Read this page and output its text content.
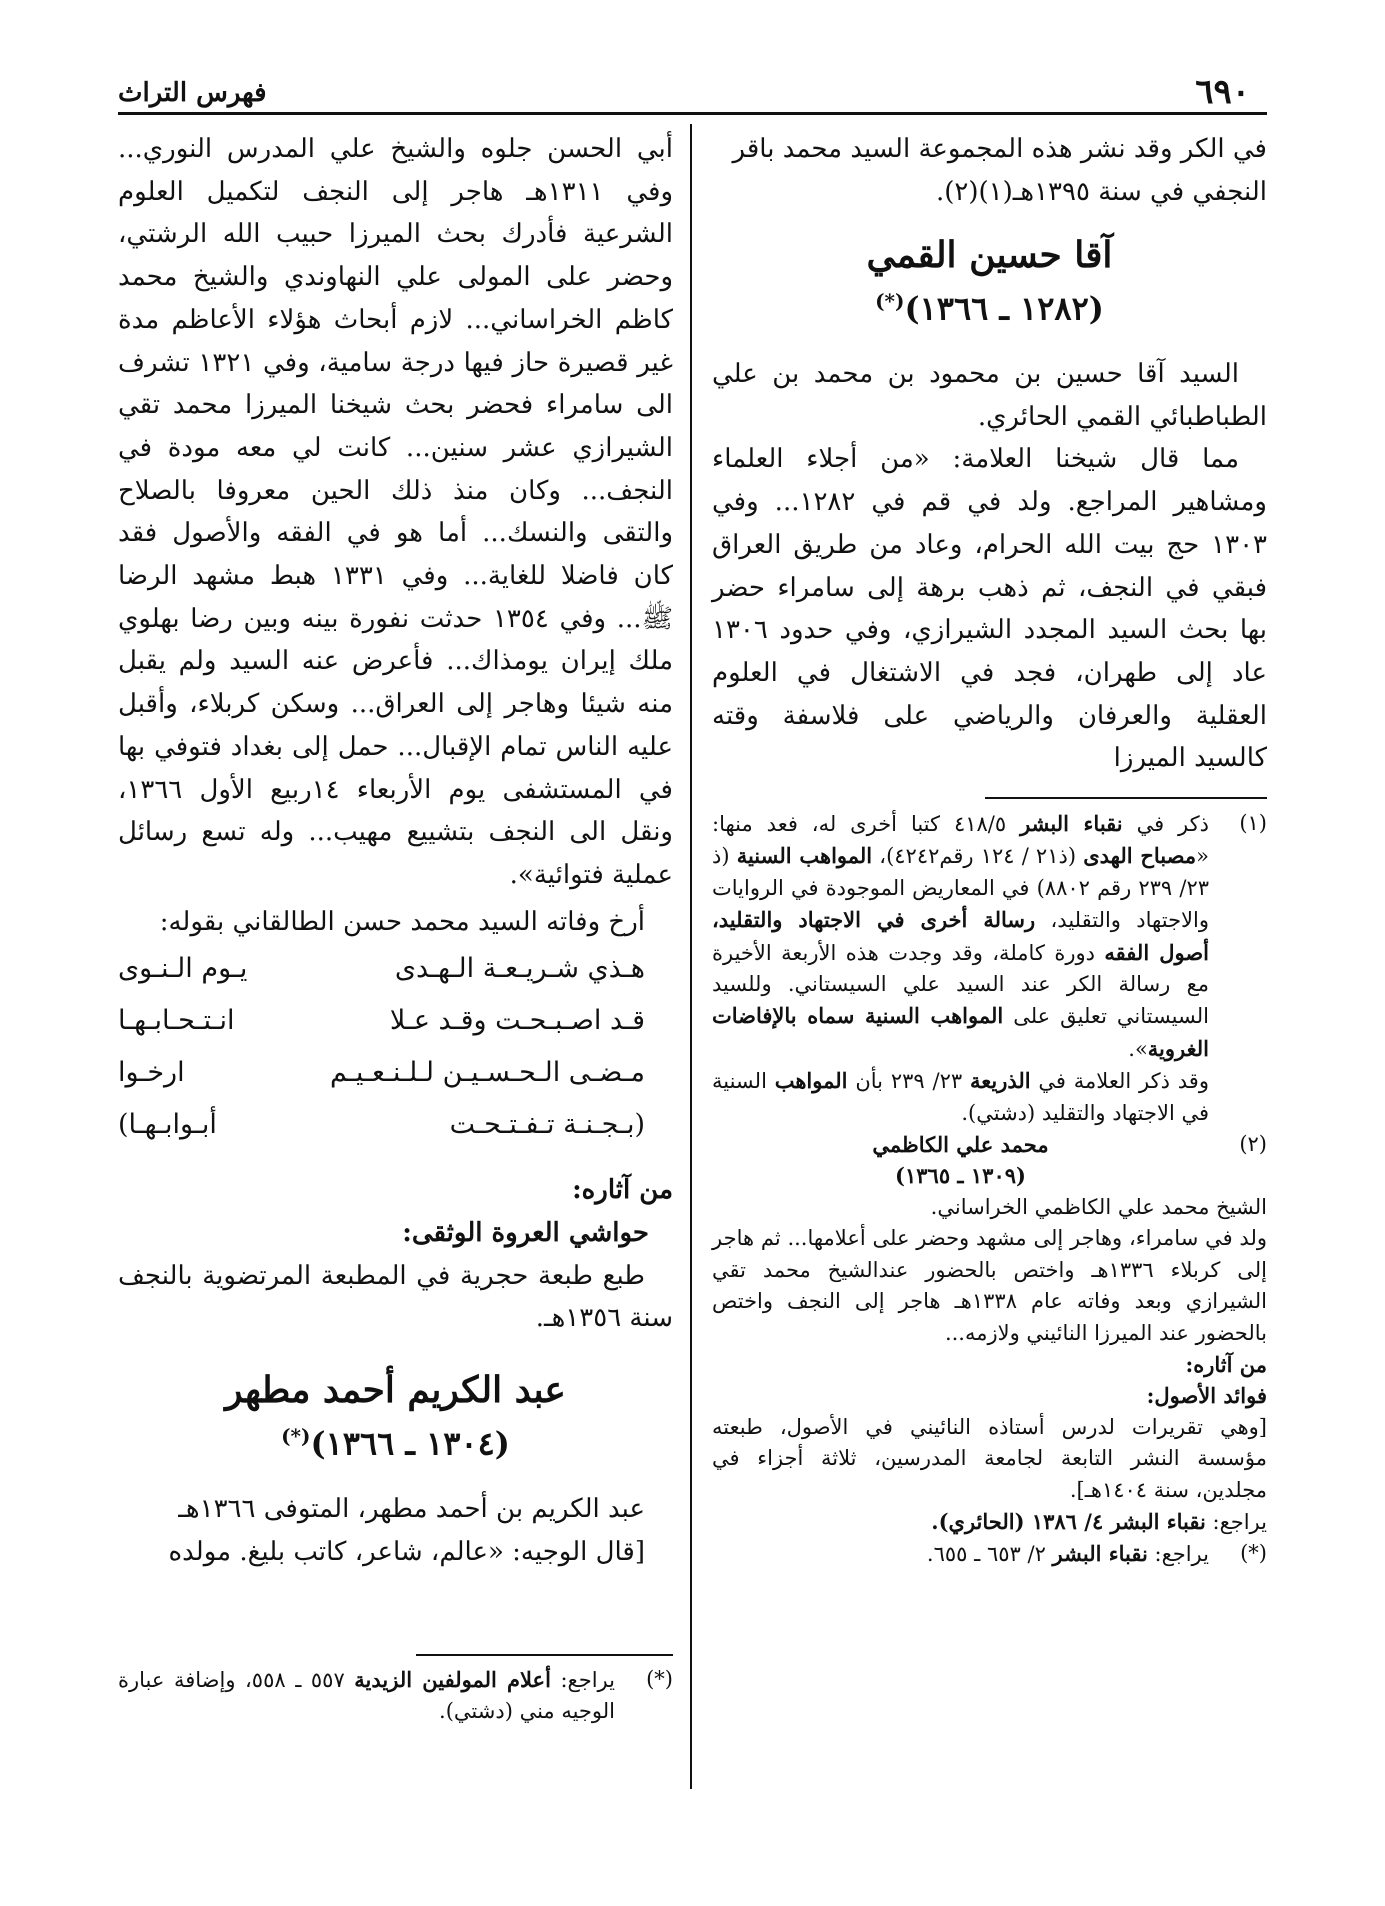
٦٩٠
فهرس التراث

في الكر وقد نشر هذه المجموعة السيد محمد باقر

النجفي في سنة ١٣٩٥هـ(١)(٢).

آقا حسين القمي
(١٢٨٢ ـ ١٣٦٦)(*)

السيد آقا حسين بن محمود بن محمد بن علي الطباطبائي القمي الحائري.

مما قال شيخنا العلامة: «من أجلاء العلماء ومشاهير المراجع. ولد في قم في ١٢٨٢... وفي ١٣٠٣ حج بيت الله الحرام، وعاد من طريق العراق فبقي في النجف، ثم ذهب برهة إلى سامراء حضر بها بحث السيد المجدد الشيرازي، وفي حدود ١٣٠٦ عاد إلى طهران، فجد في الاشتغال في العلوم العقلية والعرفان والرياضي على فلاسفة وقته كالسيد الميرزا

(١)
ذكر في نقباء البشر ٤١٨/٥ كتبا أخرى له، فعد منها: «مصباح الهدى (ذ٢١ / ١٢٤ رقم٤٢٤٢)، المواهب السنية (ذ ٢٣/ ٢٣٩ رقم ٨٨٠٢) في المعاريض الموجودة في الروايات والاجتهاد والتقليد، رسالة أخرى في الاجتهاد والتقليد، أصول الفقه دورة كاملة، وقد وجدت هذه الأربعة الأخيرة مع رسالة الكر عند السيد علي السيستاني. وللسيد السيستاني تعليق على المواهب السنية سماه بالإفاضات الغروية».
وقد ذكر العلامة في الذريعة ٢٣/ ٢٣٩ بأن المواهب السنية في الاجتهاد والتقليد (دشتي).
(٢)
محمد علي الكاظمي
(١٣٠٩ ـ ١٣٦٥)
الشيخ محمد علي الكاظمي الخراساني.
ولد في سامراء، وهاجر إلى مشهد وحضر على أعلامها... ثم هاجر إلى كربلاء ١٣٣٦هـ واختص بالحضور عندالشيخ محمد تقي الشيرازي وبعد وفاته عام ١٣٣٨هـ هاجر إلى النجف واختص بالحضور عند الميرزا النائيني ولازمه...
من آثاره:
فوائد الأصول:
[وهي تقريرات لدرس أستاذه النائيني في الأصول، طبعته مؤسسة النشر التابعة لجامعة المدرسين، ثلاثة أجزاء في مجلدين، سنة ١٤٠٤هـ].
يراجع: نقباء البشر ٤/ ١٣٨٦ (الحائري).
(*)
يراجع: نقباء البشر ٢/ ٦٥٣ ـ ٦٥٥.

أبي الحسن جلوه والشيخ علي المدرس النوري... وفي ١٣١١هـ هاجر إلى النجف لتكميل العلوم الشرعية فأدرك بحث الميرزا حبيب الله الرشتي، وحضر على المولى علي النهاوندي والشيخ محمد كاظم الخراساني... لازم أبحاث هؤلاء الأعاظم مدة غير قصيرة حاز فيها درجة سامية، وفي ١٣٢١ تشرف الى سامراء فحضر بحث شيخنا الميرزا محمد تقي الشيرازي عشر سنين... كانت لي معه مودة في النجف... وكان منذ ذلك الحين معروفا بالصلاح والتقى والنسك... أما هو في الفقه والأصول فقد كان فاضلا للغاية... وفي ١٣٣١ هبط مشهد الرضا ﷺ... وفي ١٣٥٤ حدثت نفورة بينه وبين رضا بهلوي ملك إيران يومذاك... فأعرض عنه السيد ولم يقبل منه شيئا وهاجر إلى العراق... وسكن كربلاء، وأقبل عليه الناس تمام الإقبال... حمل إلى بغداد فتوفي بها في المستشفى يوم الأربعاء ١٤ربيع الأول ١٣٦٦، ونقل الى النجف بتشييع مهيب... وله تسع رسائل عملية فتوائية».

أرخ وفاته السيد محمد حسن الطالقاني بقوله:

هـذي شـريـعـة الـهـدى
يـوم الـنـوى
قـد اصـبـحـت وقـد عـلا
انـتـحـابـهـا
مـضـى الـحـسـيـن لـلـنـعـيـم
ارخـوا
(بـجـنـة تـفـتـحـت
أبـوابـهـا)

من آثاره:

حواشي العروة الوثقى:

طبع طبعة حجرية في المطبعة المرتضوية بالنجف سنة ١٣٥٦هـ.

عبد الكريم أحمد مطهر
(١٣٠٤ ـ ١٣٦٦)(*)

عبد الكريم بن أحمد مطهر، المتوفى ١٣٦٦هـ

[قال الوجيه: «عالم، شاعر، كاتب بليغ. مولده

(*)
يراجع: أعلام المولفين الزيدية ٥٥٧ ـ ٥٥٨، وإضافة عبارة الوجيه مني (دشتي).
